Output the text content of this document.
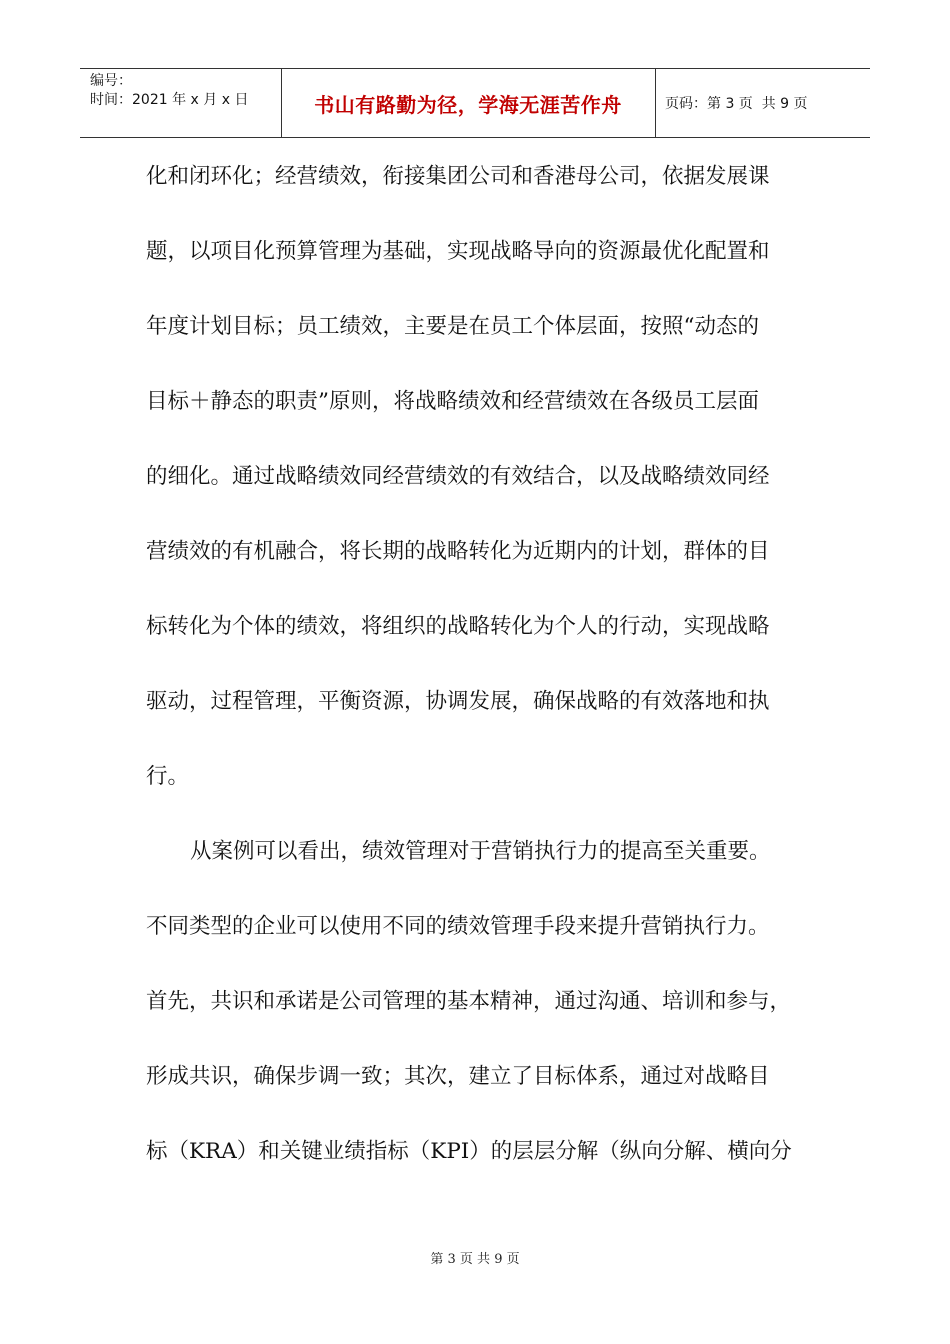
编号：
时间：2021 年 x 月 x 日	书山有路勤为径，学海无涯苦作舟	页码：第 3 页  共 9 页
化和闭环化；经营绩效，衔接集团公司和香港母公司，依据发展课
题，以项目化预算管理为基础，实现战略导向的资源最优化配置和
年度计划目标；员工绩效，主要是在员工个体层面，按照“动态的
目标＋静态的职责”原则，将战略绩效和经营绩效在各级员工层面
的细化。通过战略绩效同经营绩效的有效结合，以及战略绩效同经
营绩效的有机融合，将长期的战略转化为近期内的计划，群体的目
标转化为个体的绩效，将组织的战略转化为个人的行动，实现战略
驱动，过程管理，平衡资源，协调发展，确保战略的有效落地和执
行。
从案例可以看出，绩效管理对于营销执行力的提高至关重要。
不同类型的企业可以使用不同的绩效管理手段来提升营销执行力。
首先，共识和承诺是公司管理的基本精神，通过沟通、培训和参与，
形成共识，确保步调一致；其次，建立了目标体系，通过对战略目
标（KRA）和关键业绩指标（KPI）的层层分解（纵向分解、横向分
第 3 页 共 9 页
